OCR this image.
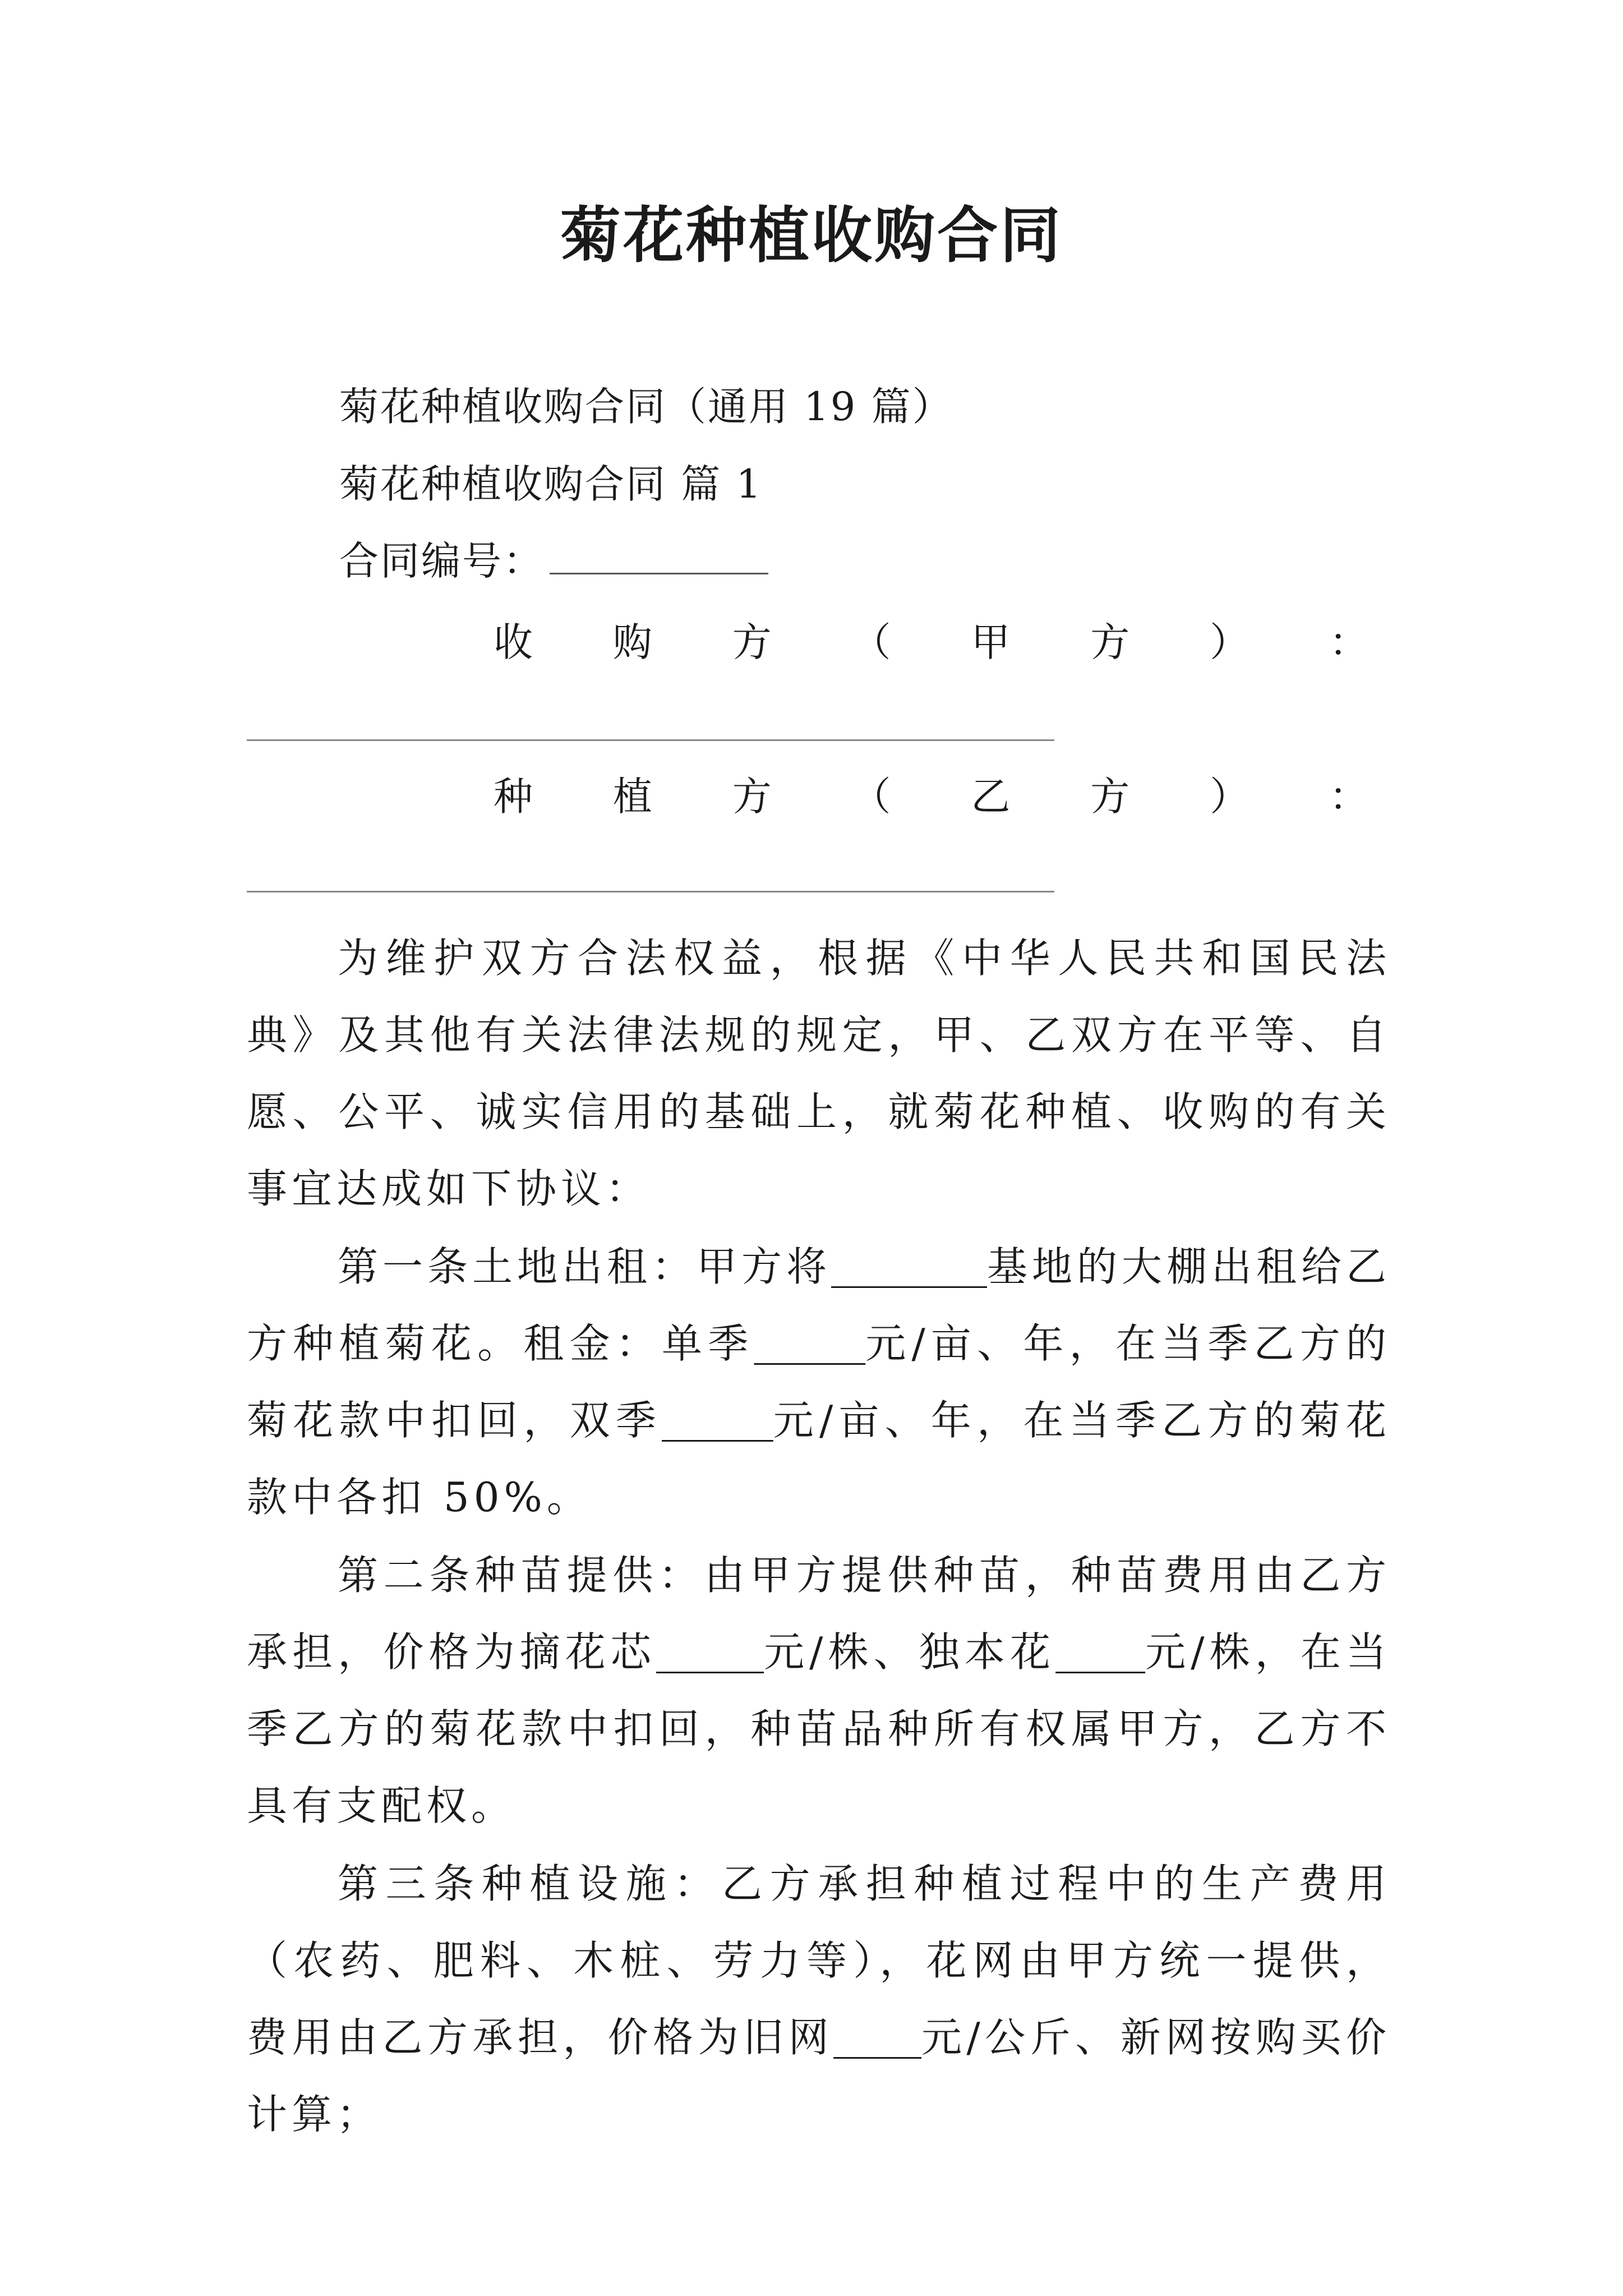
菊花种植收购合同

菊花种植收购合同（通用 19 篇）

菊花种植收购合同 篇 1

合同编号：

收 购 方 （ 甲 方 ） ：

种 植 方 （ 乙 方 ） ：

为维护双方合法权益，根据《中华人民共和国民法典》及其他有关法律法规的规定，甲、乙双方在平等、自愿、公平、诚实信用的基础上，就菊花种植、收购的有关事宜达成如下协议：

第一条土地出租：甲方将	基地的大棚出租给乙方种植菊花。租金：单季	元/亩、年，在当季乙方的菊花款中扣回，双季	元/亩、年，在当季乙方的菊花款中各扣 50%。

第二条种苗提供：由甲方提供种苗，种苗费用由乙方承担，价格为摘花芯	元/株、独本花 元/株，在当季乙方的菊花款中扣回，种苗品种所有权属甲方，乙方不具有支配权。

第三条种植设施：乙方承担种植过程中的生产费用（农药、肥料、木桩、劳力等），花网由甲方统一提供，费用由乙方承担，价格为旧网 元/公斤、新网按购买价计算；
